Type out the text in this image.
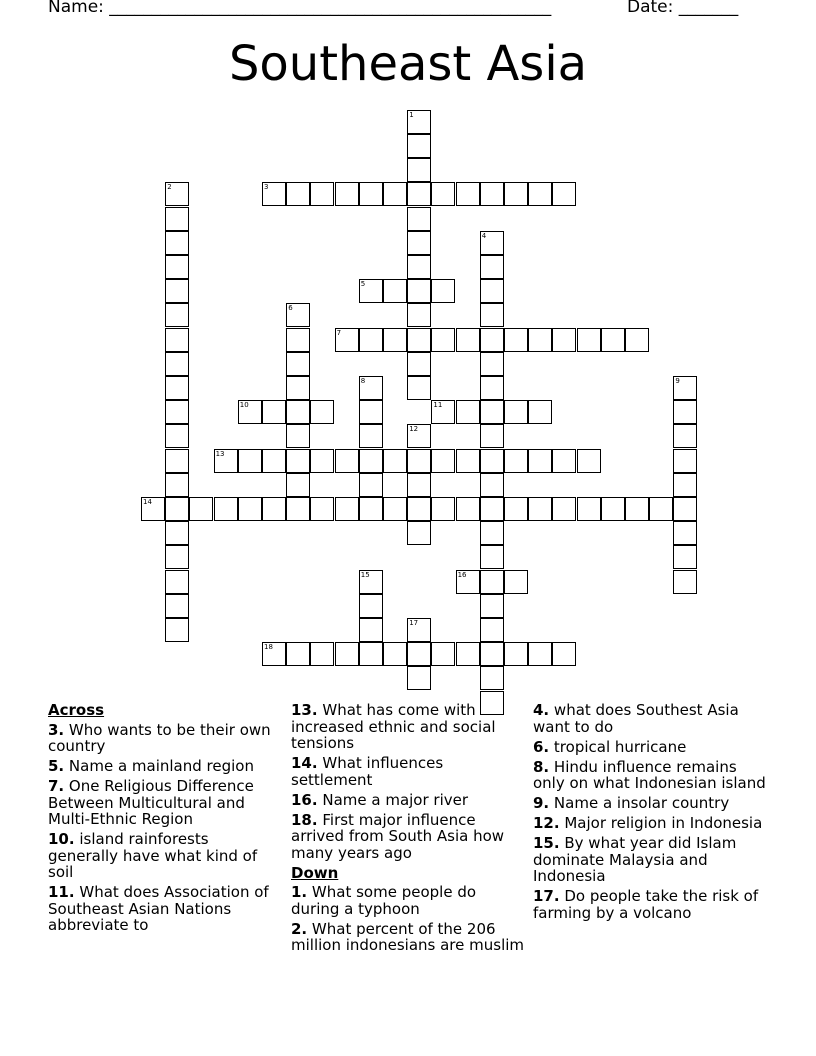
Name: ____________________________________________________	Date: _______
Southeast Asia
1
2	3
4
5
6
7
8	9
10	11
12
13
14
15	16
17
18
Across
3. Who wants to be their own country
5. Name a mainland region
7. One Religious Difference Between Multicultural and Multi-Ethnic Region
10. island rainforests generally have what kind of soil
11. What does Association of Southeast Asian Nations abbreviate to
13. What has come with increased ethnic and social tensions
14. What influences settlement
16. Name a major river
18. First major influence arrived from South Asia how many years ago
Down
1. What some people do during a typhoon
2. What percent of the 206 million indonesians are muslim
4. what does Southest Asia want to do
6. tropical hurricane
8. Hindu influence remains only on what Indonesian island
9. Name a insolar country
12. Major religion in Indonesia
15. By what year did Islam dominate Malaysia and Indonesia
17. Do people take the risk of farming by a volcano
